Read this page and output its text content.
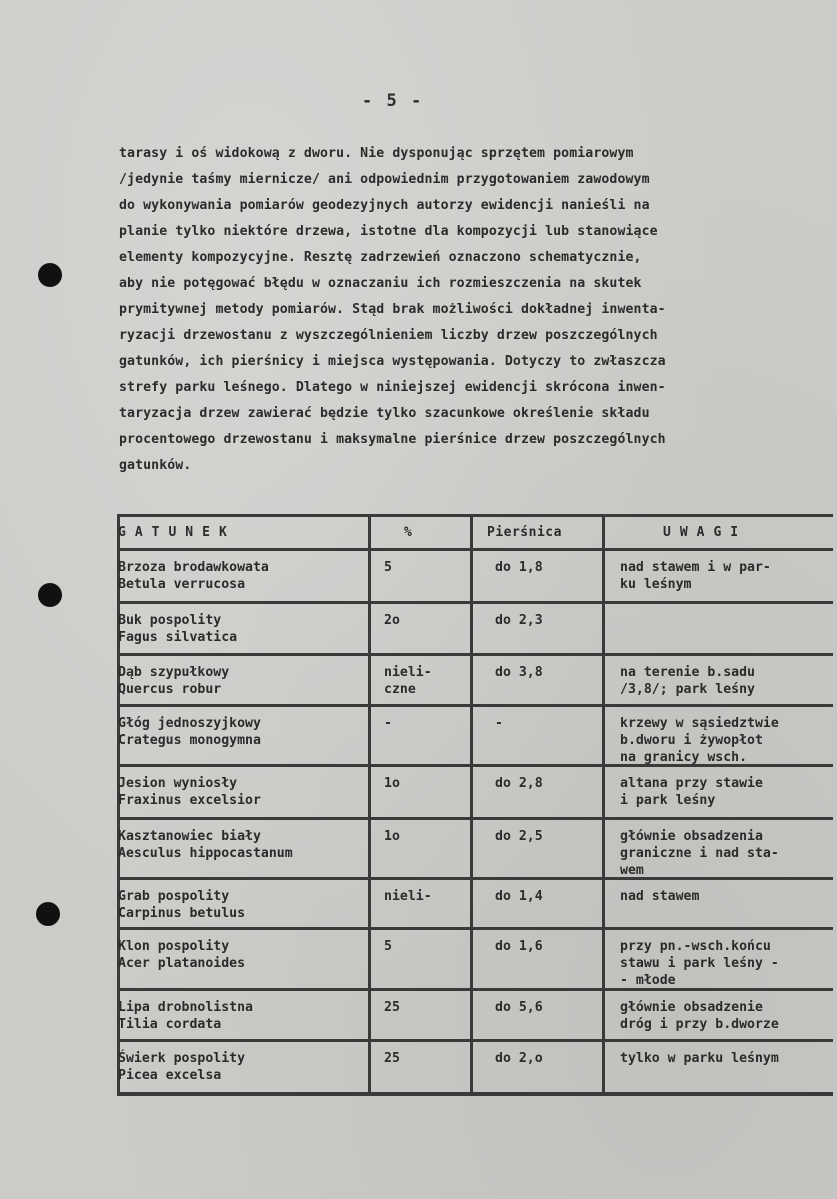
- 5 -
tarasy i oś widokową z dworu. Nie dysponując sprzętem pomiarowym
/jedynie taśmy miernicze/ ani odpowiednim przygotowaniem zawodowym
do wykonywania pomiarów geodezyjnych autorzy ewidencji nanieśli na
planie tylko niektóre drzewa, istotne dla kompozycji lub stanowiące
elementy kompozycyjne. Resztę zadrzewień oznaczono schematycznie,
aby nie potęgować błędu w oznaczaniu ich rozmieszczenia na skutek
prymitywnej metody pomiarów. Stąd brak możliwości dokładnej inwenta-
ryzacji drzewostanu z wyszczególnieniem liczby drzew poszczególnych
gatunków, ich pierśnicy i miejsca występowania. Dotyczy to zwłaszcza
strefy parku leśnego. Dlatego w niniejszej ewidencji skrócona inwen-
taryzacja drzew zawierać będzie tylko szacunkowe określenie składu
procentowego drzewostanu i maksymalne pierśnice drzew poszczególnych
gatunków.
GATUNEK	%	Pierśnica	UWAGI
Brzoza brodawkowata
Betula verrucosa
5	do 1,8	nad stawem i w par-
ku leśnym
Buk pospolity
Fagus silvatica
2o	do 2,3
Dąb szypułkowy
Quercus robur
nieli-
czne
do 3,8	na terenie b.sadu
/3,8/; park leśny
Głóg jednoszyjkowy
Crategus monogymna
-	-	krzewy w sąsiedztwie
b.dworu i żywopłot
na granicy wsch.
Jesion wyniosły
Fraxinus excelsior
1o	do 2,8	altana przy stawie
i park leśny
Kasztanowiec biały
Aesculus hippocastanum
1o	do 2,5	głównie obsadzenia
graniczne i nad sta-
wem
Grab pospolity
Carpinus betulus
nieli-	do 1,4	nad stawem
Klon pospolity
Acer platanoides
5	do 1,6	przy pn.-wsch.końcu
stawu i park leśny -
- młode
Lipa drobnolistna
Tilia cordata
25	do 5,6	głównie obsadzenie
dróg i przy b.dworze
Świerk pospolity
Picea excelsa
25	do 2,o	tylko w parku leśnym
